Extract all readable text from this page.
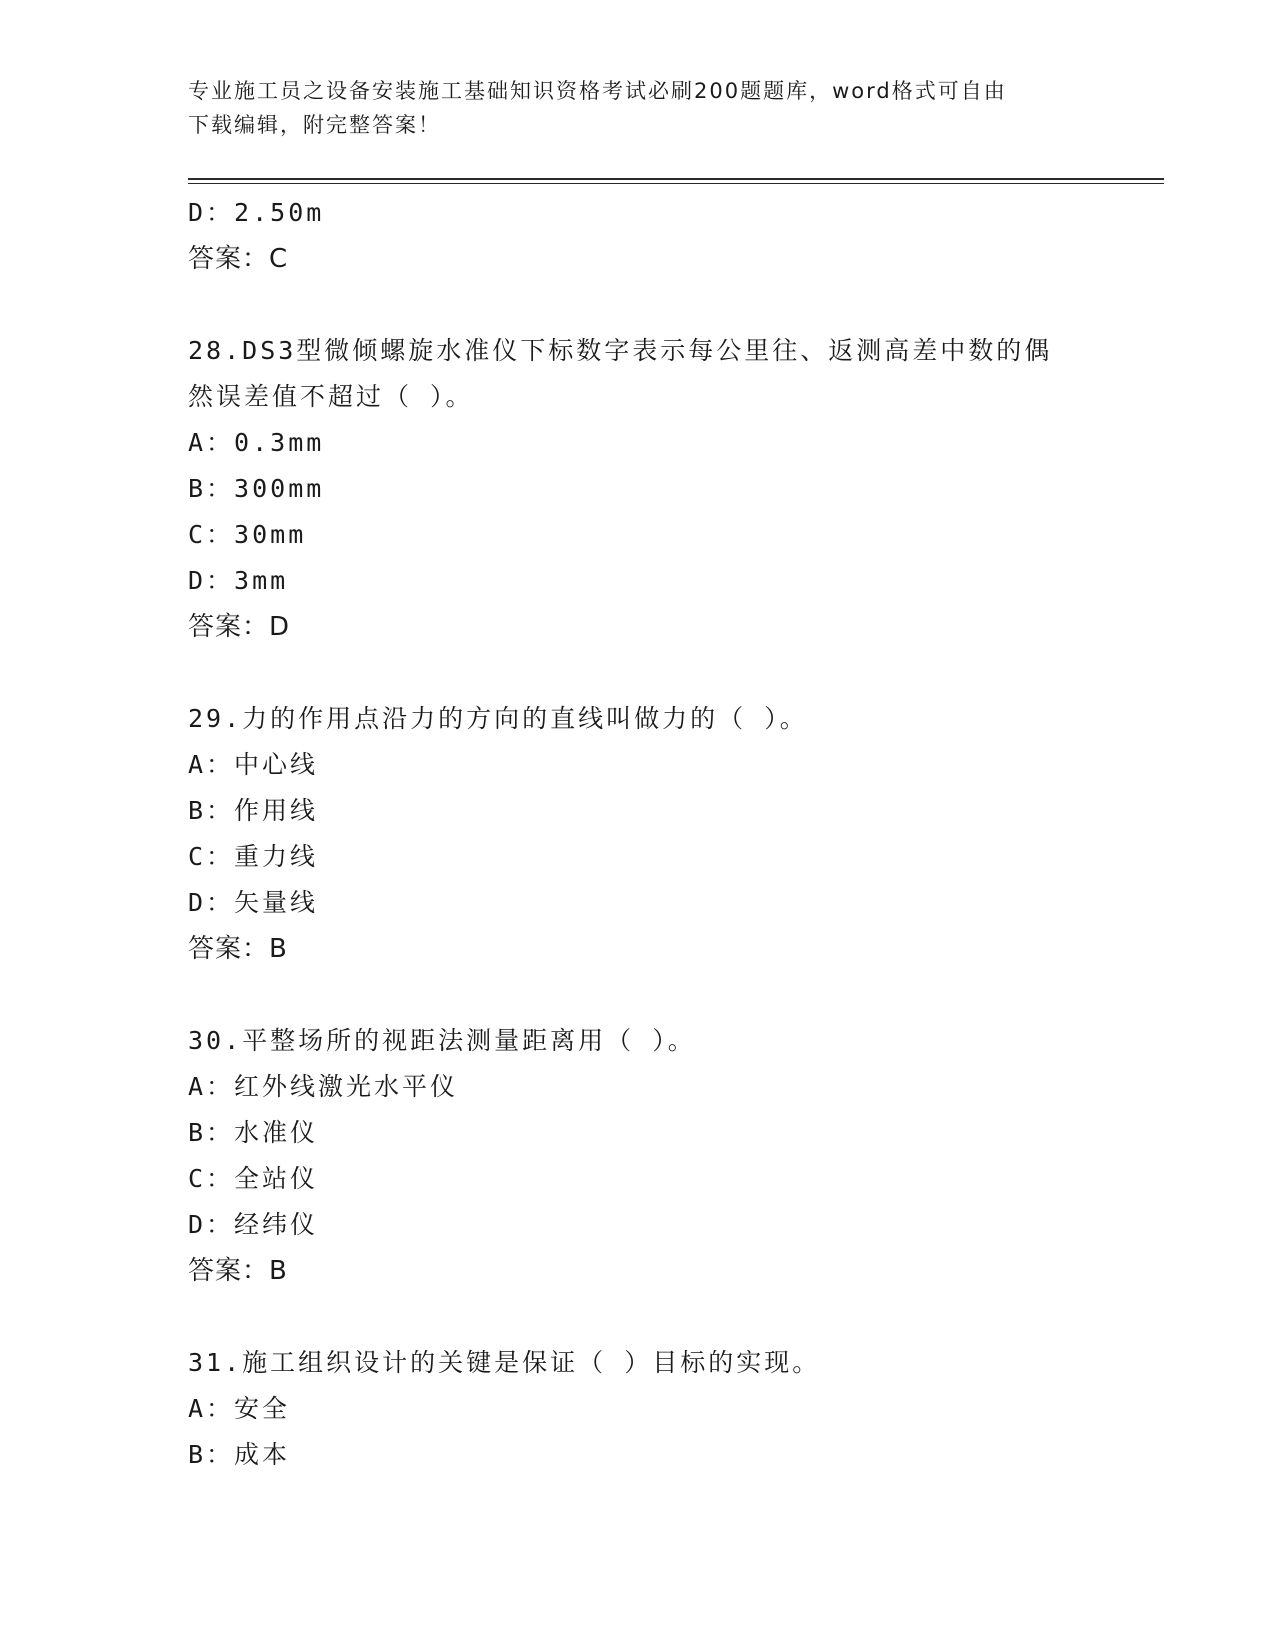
专业施工员之设备安装施工基础知识资格考试必刷200题题库，word格式可自由
下载编辑，附完整答案！
D：2.50m
答案：C
28.DS3型微倾螺旋水准仪下标数字表示每公里往、返测高差中数的偶
然误差值不超过（ ）。
A：0.3mm
B：300mm
C：30mm
D：3mm
答案：D
29.力的作用点沿力的方向的直线叫做力的（ ）。
A：中心线
B：作用线
C：重力线
D：矢量线
答案：B
30.平整场所的视距法测量距离用（ ）。
A：红外线激光水平仪
B：水准仪
C：全站仪
D：经纬仪
答案：B
31.施工组织设计的关键是保证（ ）目标的实现。
A：安全
B：成本
